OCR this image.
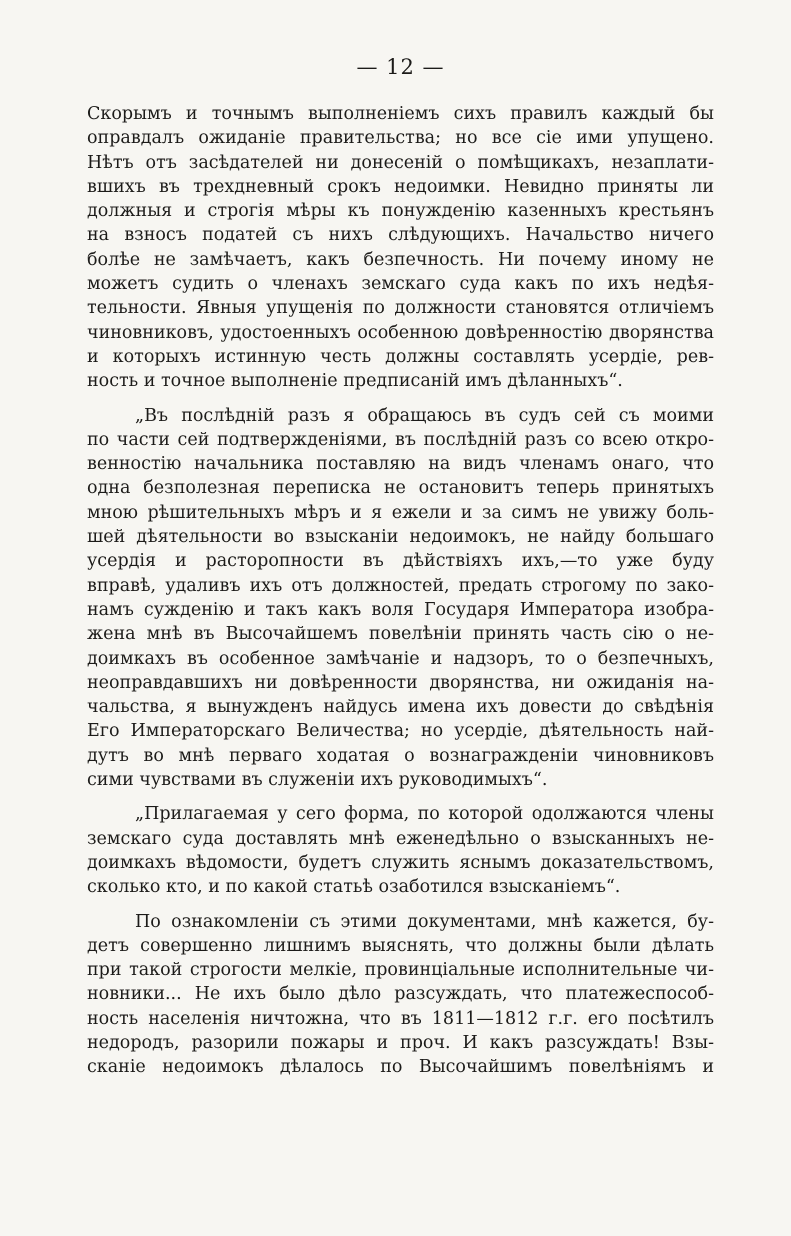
— 12 —

Скорымъ и точнымъ выполненіемъ сихъ правилъ каждый бы
оправдалъ ожиданіе правительства; но все сіе ими упущено.
Нѣтъ отъ засѣдателей ни донесеній о помѣщикахъ, незаплати-
вшихъ въ трехдневный срокъ недоимки. Невидно приняты ли
должныя и строгія мѣры къ понужденію казенныхъ крестьянъ
на взносъ податей съ нихъ слѣдующихъ. Начальство ничего
болѣе не замѣчаетъ, какъ безпечность. Ни почему иному не
можетъ судить о членахъ земскаго суда какъ по ихъ недѣя-
тельности. Явныя упущенія по должности становятся отличіемъ
чиновниковъ, удостоенныхъ особенною довѣренностію дворянства
и которыхъ истинную честь должны составлять усердіе, рев-
ность и точное выполненіе предписаній имъ дѣланныхъ“.

„Въ послѣдній разъ я обращаюсь въ судъ сей съ моими
по части сей подтвержденіями, въ послѣдній разъ со всею откро-
венностію начальника поставляю на видъ членамъ онаго, что
одна безполезная переписка не остановитъ теперь принятыхъ
мною рѣшительныхъ мѣръ и я ежели и за симъ не увижу боль-
шей дѣятельности во взысканіи недоимокъ, не найду большаго
усердія и расторопности въ дѣйствіяхъ ихъ,—то уже буду
вправѣ, удаливъ ихъ отъ должностей, предать строгому по зако-
намъ сужденію и такъ какъ воля Государя Императора изобра-
жена мнѣ въ Высочайшемъ повелѣніи принять часть сію о не-
доимкахъ въ особенное замѣчаніе и надзоръ, то о безпечныхъ,
неоправдавшихъ ни довѣренности дворянства, ни ожиданія на-
чальства, я вынужденъ найдусь имена ихъ довести до свѣдѣнія
Его Императорскаго Величества; но усердіе, дѣятельность най-
дутъ во мнѣ перваго ходатая о вознагражденіи чиновниковъ
сими чувствами въ служеніи ихъ руководимыхъ“.

„Прилагаемая у сего форма, по которой одолжаются члены
земскаго суда доставлять мнѣ еженедѣльно о взысканныхъ не-
доимкахъ вѣдомости, будетъ служить яснымъ доказательствомъ,
сколько кто, и по какой статьѣ озаботился взысканіемъ“.

По ознакомленіи съ этими документами, мнѣ кажется, бу-
детъ совершенно лишнимъ выяснять, что должны были дѣлать
при такой строгости мелкіе, провинціальные исполнительные чи-
новники... Не ихъ было дѣло разсуждать, что платежеспособ-
ность населенія ничтожна, что въ 1811—1812 г.г. его посѣтилъ
недородъ, разорили пожары и проч. И какъ разсуждать! Взы-
сканіе недоимокъ дѣлалось по Высочайшимъ повелѣніямъ и
